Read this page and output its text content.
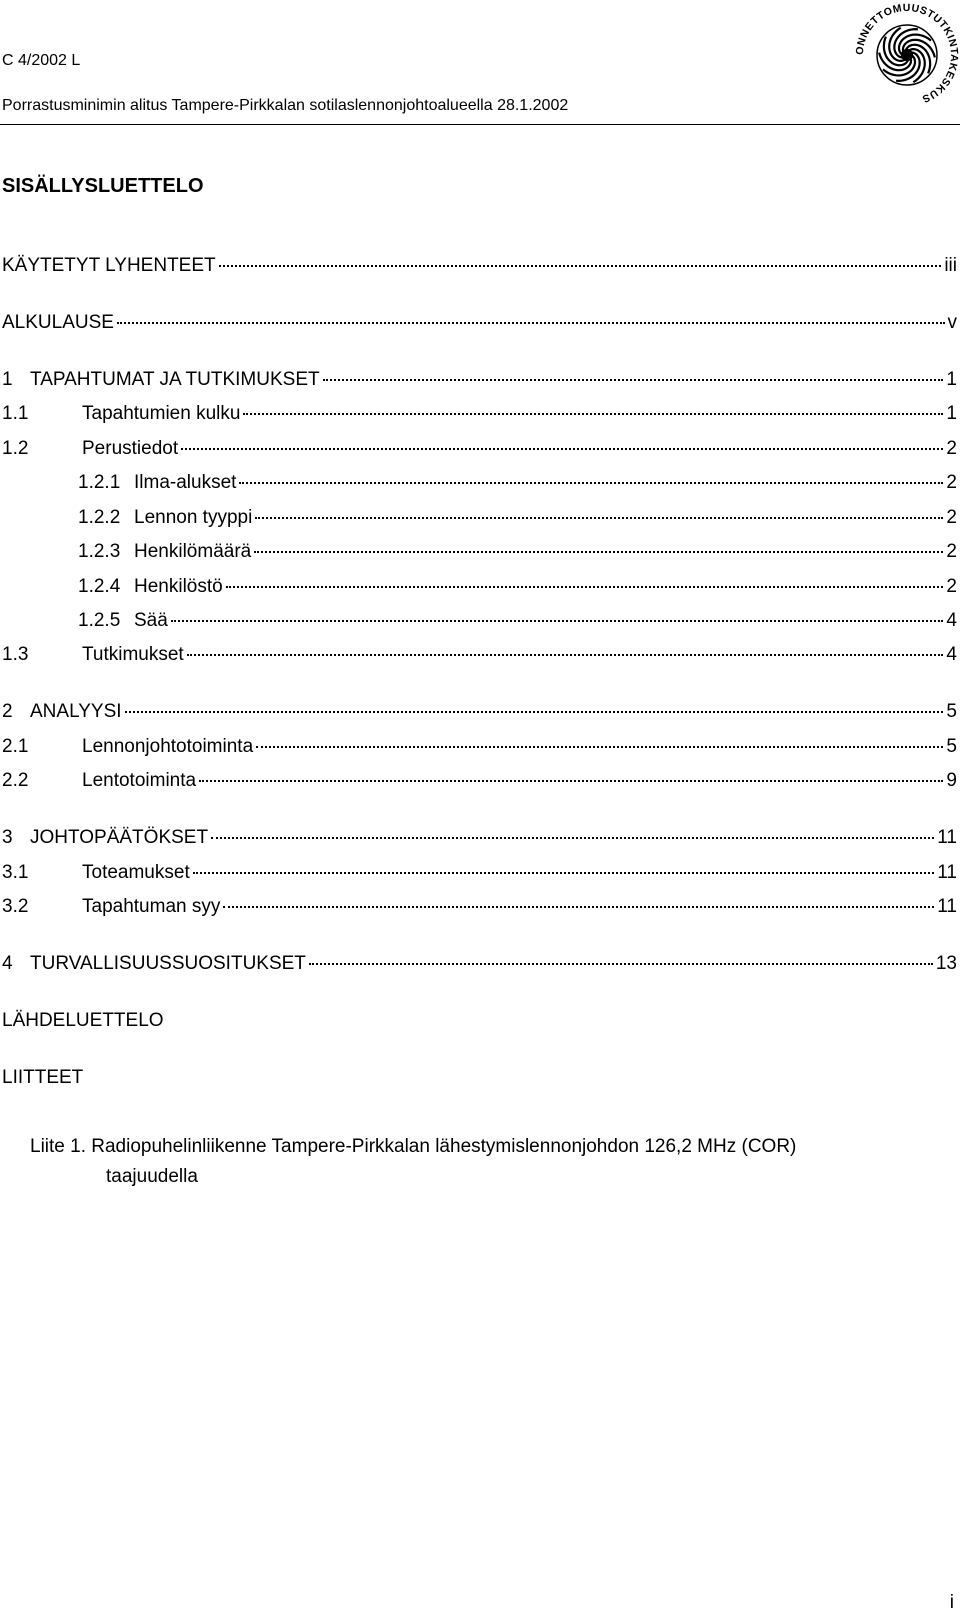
C 4/2002 L
Porrastusminimin alitus Tampere-Pirkkalan sotilaslennonjohtoalueella 28.1.2002
ONNETTOMUUSTUTKINTAKESKUS
SISÄLLYSLUETTELO
KÄYTETYT LYHENTEET	iii
ALKULAUSE	v
1 TAPAHTUMAT JA TUTKIMUKSET	1
1.1	Tapahtumien kulku	1
1.2	Perustiedot	2
1.2.1 Ilma-alukset	2
1.2.2 Lennon tyyppi	2
1.2.3 Henkilömäärä	2
1.2.4 Henkilöstö	2
1.2.5 Sää	4
1.3	Tutkimukset	4
2 ANALYYSI	5
2.1	Lennonjohtotoiminta	5
2.2	Lentotoiminta	9
3 JOHTOPÄÄTÖKSET	11
3.1	Toteamukset	11
3.2	Tapahtuman syy	11
4 TURVALLISUUSSUOSITUKSET	13
LÄHDELUETTELO
LIITTEET
Liite 1. Radiopuhelinliikenne Tampere-Pirkkalan lähestymislennonjohdon 126,2 MHz (COR)
taajuudella
i
